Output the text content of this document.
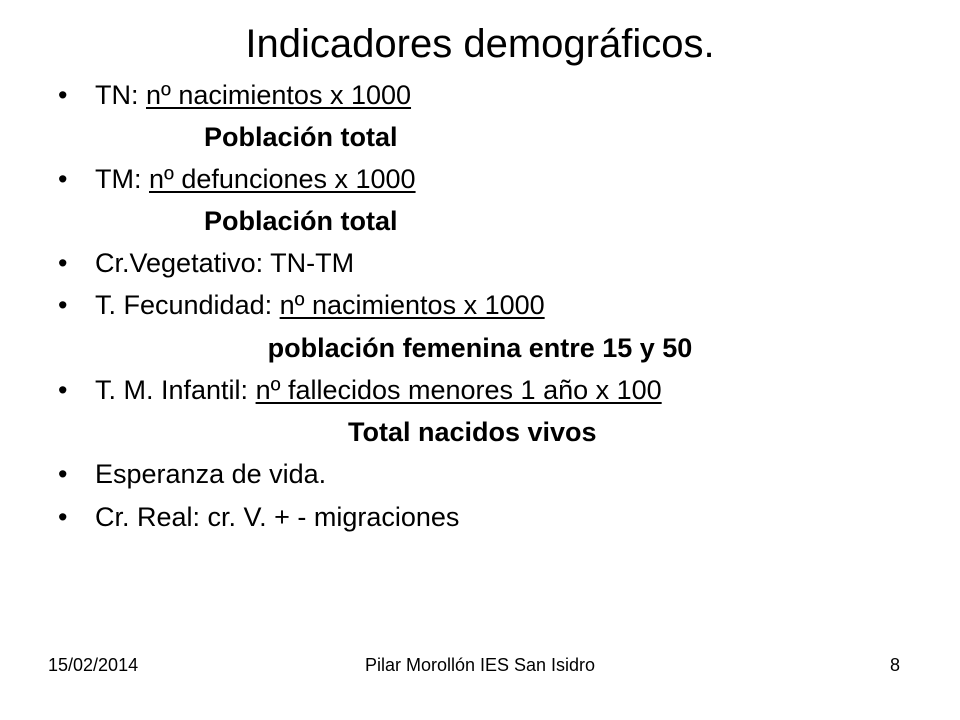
Indicadores demográficos.
• TN: nº nacimientos x 1000
Población total
• TM: nº defunciones x 1000
Población total
• Cr.Vegetativo: TN-TM
• T. Fecundidad: nº nacimientos x 1000
población femenina entre 15 y 50
• T. M. Infantil: nº fallecidos menores 1 año x 100
Total nacidos vivos
• Esperanza de vida.
• Cr. Real: cr. V. + - migraciones
15/02/2014	Pilar Morollón IES San Isidro	8
